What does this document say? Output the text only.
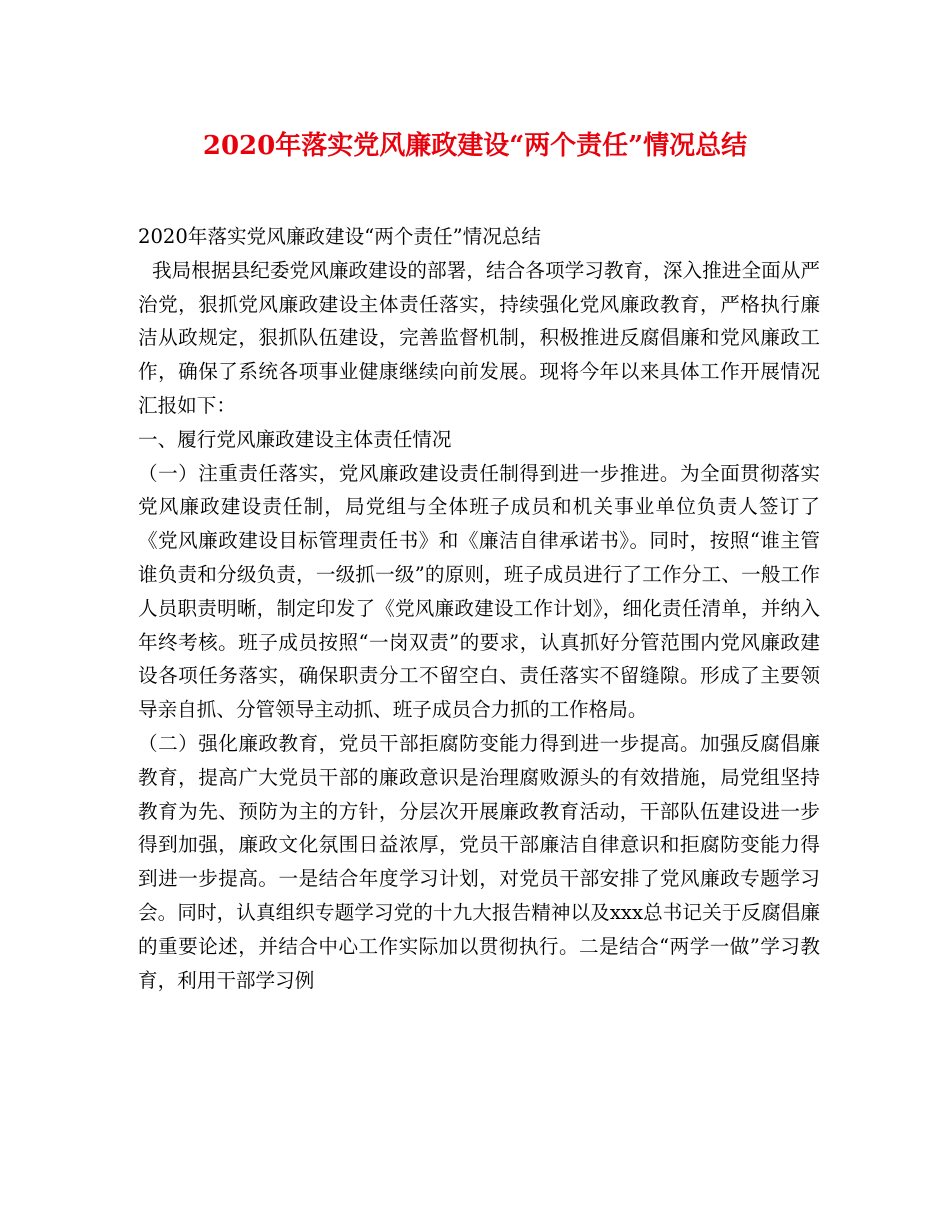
2020年落实党风廉政建设“两个责任”情况总结

2020年落实党风廉政建设“两个责任”情况总结

我局根据县纪委党风廉政建设的部署，结合各项学习教育，深入推进全面从严治党，狠抓党风廉政建设主体责任落实，持续强化党风廉政教育，严格执行廉洁从政规定，狠抓队伍建设，完善监督机制，积极推进反腐倡廉和党风廉政工作，确保了系统各项事业健康继续向前发展。现将今年以来具体工作开展情况汇报如下：

一、履行党风廉政建设主体责任情况

（一）注重责任落实，党风廉政建设责任制得到进一步推进。为全面贯彻落实党风廉政建设责任制，局党组与全体班子成员和机关事业单位负责人签订了《党风廉政建设目标管理责任书》和《廉洁自律承诺书》。同时，按照“谁主管谁负责和分级负责，一级抓一级”的原则，班子成员进行了工作分工、一般工作人员职责明晰，制定印发了《党风廉政建设工作计划》，细化责任清单，并纳入年终考核。班子成员按照“一岗双责”的要求，认真抓好分管范围内党风廉政建设各项任务落实，确保职责分工不留空白、责任落实不留缝隙。形成了主要领导亲自抓、分管领导主动抓、班子成员合力抓的工作格局。

（二）强化廉政教育，党员干部拒腐防变能力得到进一步提高。加强反腐倡廉教育，提高广大党员干部的廉政意识是治理腐败源头的有效措施，局党组坚持教育为先、预防为主的方针，分层次开展廉政教育活动，干部队伍建设进一步得到加强，廉政文化氛围日益浓厚，党员干部廉洁自律意识和拒腐防变能力得到进一步提高。一是结合年度学习计划，对党员干部安排了党风廉政专题学习会。同时，认真组织专题学习党的十九大报告精神以及xxx总书记关于反腐倡廉的重要论述，并结合中心工作实际加以贯彻执行。二是结合“两学一做”学习教育，利用干部学习例
